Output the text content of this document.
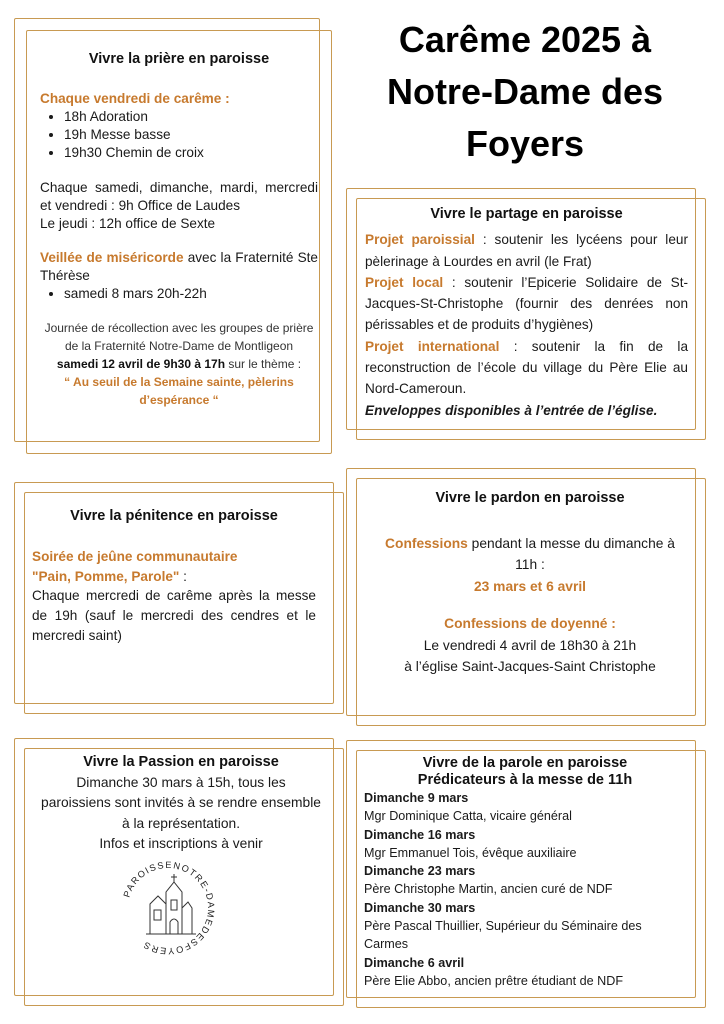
Carême 2025 à
Notre-Dame des
Foyers
Vivre la prière en paroisse
Chaque vendredi de carême :
• 18h Adoration
• 19h Messe basse
• 19h30 Chemin de croix
Chaque samedi, dimanche, mardi, mercredi et vendredi : 9h Office de Laudes
Le jeudi : 12h office de Sexte
Veillée de miséricorde avec la Fraternité Ste Thérèse
• samedi 8 mars 20h-22h
Journée de récollection avec les groupes de prière de la Fraternité Notre-Dame de Montligeon
samedi 12 avril de 9h30 à 17h sur le thème :
“ Au seuil de la Semaine sainte, pèlerins d’espérance “
Vivre le partage en paroisse
Projet paroissial : soutenir les lycéens pour leur pèlerinage à Lourdes en avril (le Frat)
Projet local : soutenir l’Epicerie Solidaire de St-Jacques-St-Christophe (fournir des denrées non périssables et de produits d’hygiènes)
Projet international : soutenir la fin de la reconstruction de l’école du village du Père Elie au Nord-Cameroun.
Enveloppes disponibles à l’entrée de l’église.
Vivre la pénitence en paroisse
Soirée de jeûne communautaire
"Pain, Pomme, Parole" :
Chaque mercredi de carême après la messe de 19h (sauf le mercredi des cendres et le mercredi saint)
Vivre le pardon en paroisse
Confessions pendant la messe du dimanche à 11h :
23 mars et 6 avril
Confessions de doyenné :
Le vendredi 4 avril de 18h30 à 21h
à l’église Saint-Jacques-Saint Christophe
Vivre la Passion en paroisse
Dimanche 30 mars à 15h, tous les paroissiens sont invités à se rendre ensemble à la représentation.
Infos et inscriptions à venir
PAROISSENOTRE-DAMEDESFOYERS
Vivre de la parole en paroisse
Prédicateurs à la messe de 11h
Dimanche 9 mars
Mgr Dominique Catta, vicaire général
Dimanche 16 mars
Mgr Emmanuel Tois, évêque auxiliaire
Dimanche 23 mars
Père Christophe Martin, ancien curé de NDF
Dimanche 30 mars
Père Pascal Thuillier, Supérieur du Séminaire des Carmes
Dimanche 6 avril
Père Elie Abbo, ancien prêtre étudiant de NDF
